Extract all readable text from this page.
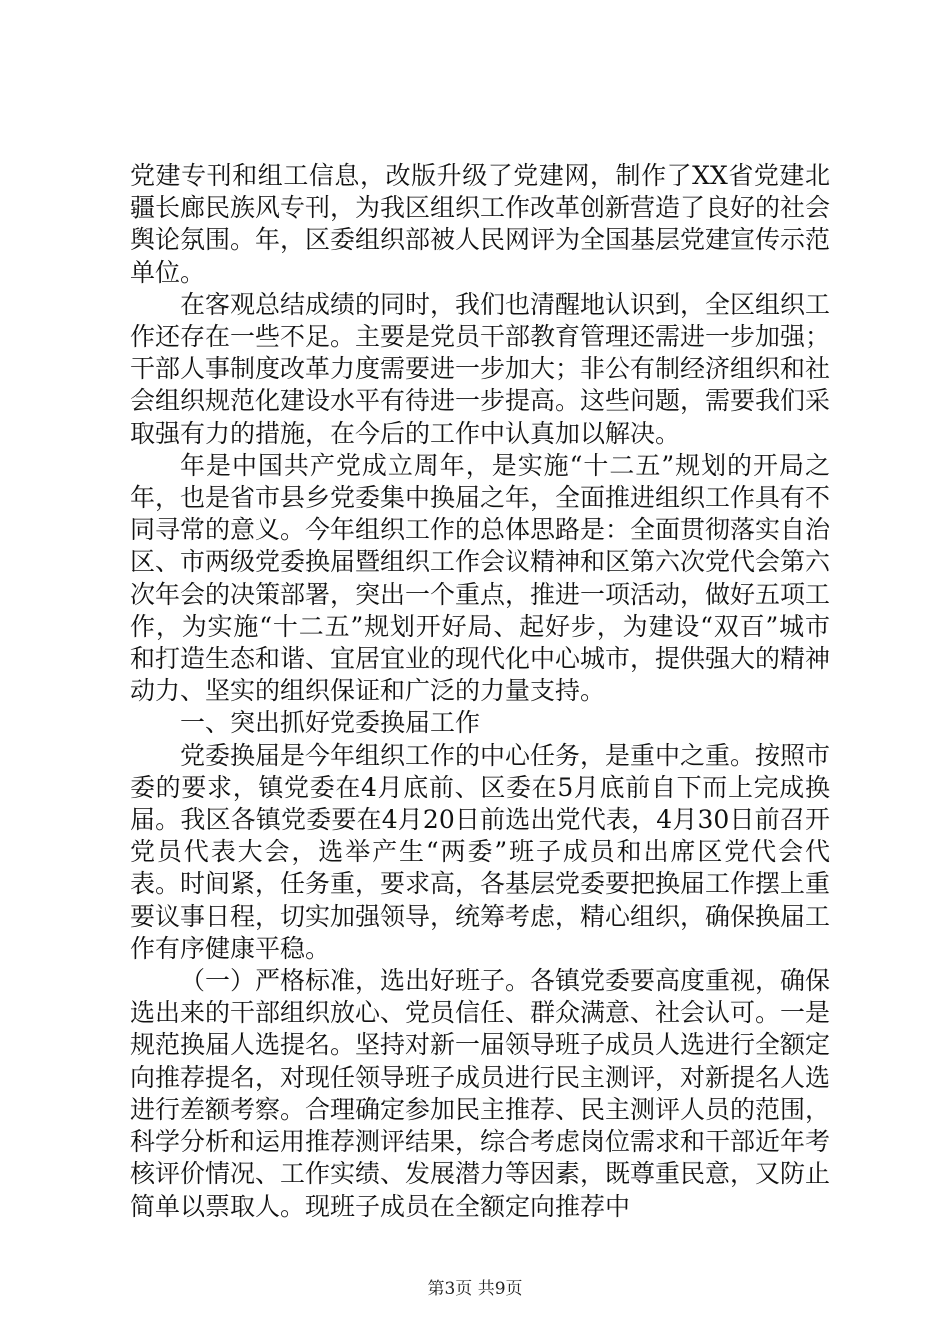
党建专刊和组工信息，改版升级了党建网，制作了XX省党建北疆长廊民族风专刊，为我区组织工作改革创新营造了良好的社会舆论氛围。年，区委组织部被人民网评为全国基层党建宣传示范单位。

在客观总结成绩的同时，我们也清醒地认识到，全区组织工作还存在一些不足。主要是党员干部教育管理还需进一步加强；干部人事制度改革力度需要进一步加大；非公有制经济组织和社会组织规范化建设水平有待进一步提高。这些问题，需要我们采取强有力的措施，在今后的工作中认真加以解决。

年是中国共产党成立周年，是实施“十二五”规划的开局之年，也是省市县乡党委集中换届之年，全面推进组织工作具有不同寻常的意义。今年组织工作的总体思路是：全面贯彻落实自治区、市两级党委换届暨组织工作会议精神和区第六次党代会第六次年会的决策部署，突出一个重点，推进一项活动，做好五项工作，为实施“十二五”规划开好局、起好步，为建设“双百”城市和打造生态和谐、宜居宜业的现代化中心城市，提供强大的精神动力、坚实的组织保证和广泛的力量支持。

一、突出抓好党委换届工作

党委换届是今年组织工作的中心任务，是重中之重。按照市委的要求，镇党委在4月底前、区委在5月底前自下而上完成换届。我区各镇党委要在4月20日前选出党代表，4月30日前召开党员代表大会，选举产生“两委”班子成员和出席区党代会代表。时间紧，任务重，要求高，各基层党委要把换届工作摆上重要议事日程，切实加强领导，统筹考虑，精心组织，确保换届工作有序健康平稳。

（一）严格标准，选出好班子。各镇党委要高度重视，确保选出来的干部组织放心、党员信任、群众满意、社会认可。一是规范换届人选提名。坚持对新一届领导班子成员人选进行全额定向推荐提名，对现任领导班子成员进行民主测评，对新提名人选进行差额考察。合理确定参加民主推荐、民主测评人员的范围，科学分析和运用推荐测评结果，综合考虑岗位需求和干部近年考核评价情况、工作实绩、发展潜力等因素，既尊重民意，又防止简单以票取人。现班子成员在全额定向推荐中

第3页 共9页
